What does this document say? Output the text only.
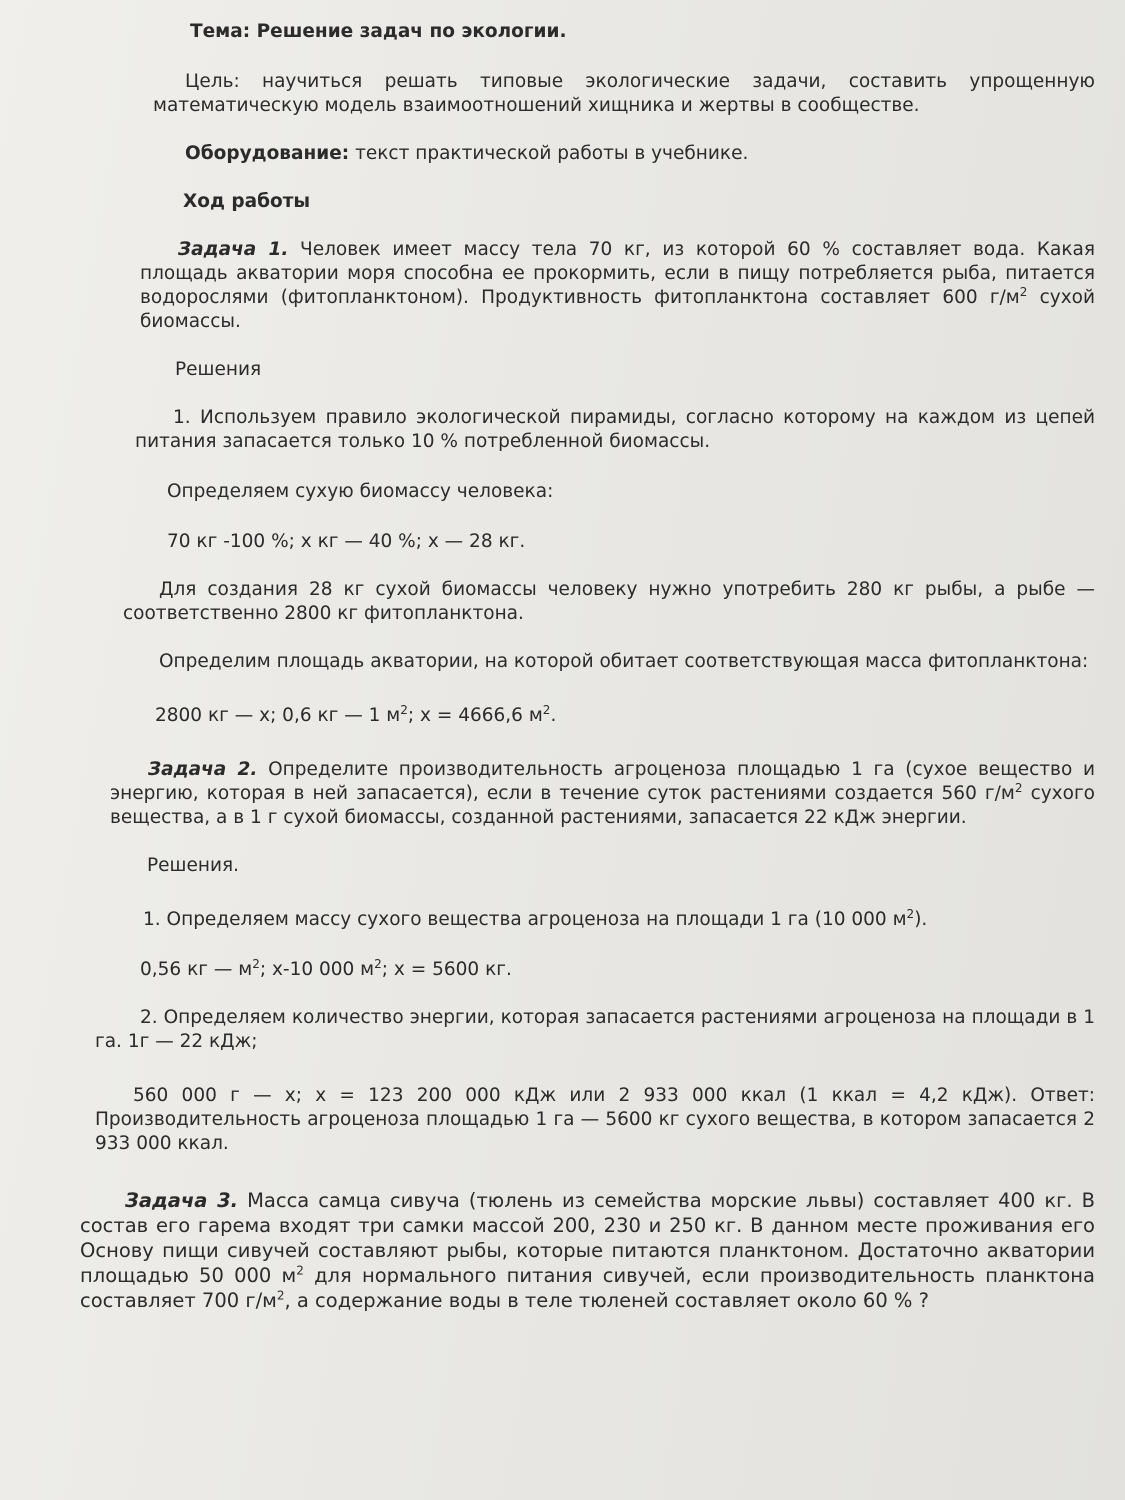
Тема: Решение задач по экологии.

Цель: научиться решать типовые экологические задачи, составить упрощенную математическую модель взаимоотношений хищника и жертвы в сообществе.

Оборудование: текст практической работы в учебнике.

Ход работы

Задача 1. Человек имеет массу тела 70 кг, из которой 60 % составляет вода. Какая площадь акватории моря способна ее прокормить, если в пищу потребляется рыба, питается водорослями (фитопланктоном). Продуктивность фитопланктона составляет 600 $г/м^2$ сухой биомассы.

Решения

1. Используем правило экологической пирамиды, согласно которому на каждом из цепей питания запасается только 10 % потребленной биомассы.

Определяем сухую биомассу человека:

70 кг -100 %; х кг — 40 %; х — 28 кг.

Для создания 28 кг сухой биомассы человеку нужно употребить 280 кг рыбы, а рыбе — соответственно 2800 кг фитопланктона.

Определим площадь акватории, на которой обитает соответствующая масса фитопланктона:

2800 кг — х; 0,6 кг — 1 $м^2$; х = 4666,6 $м^2$.

Задача 2. Определите производительность агроценоза площадью 1 га (сухое вещество и энергию, которая в ней запасается), если в течение суток растениями создается 560 $г/м^2$ сухого вещества, а в 1 г сухой биомассы, созданной растениями, запасается 22 кДж энергии.

Решения.

1. Определяем массу сухого вещества агроценоза на площади 1 га (10 000 $м^2$).

0,56 кг — $м^2$; х-10 000 $м^2$; х = 5600 кг.

2. Определяем количество энергии, которая запасается растениями агроценоза на площади в 1 га. 1г — 22 кДж;

560 000 г — х; х = 123 200 000 кДж или 2 933 000 ккал (1 ккал = 4,2 кДж). Ответ: Производительность агроценоза площадью 1 га — 5600 кг сухого вещества, в котором запасается 2 933 000 ккал.

Задача 3. Масса самца сивуча (тюлень из семейства морские львы) составляет 400 кг. В состав его гарема входят три самки массой 200, 230 и 250 кг. В данном месте проживания его Основу пищи сивучей составляют рыбы, которые питаются планктоном. Достаточно акватории площадью 50 000 $м^2$ для нормального питания сивучей, если производительность планктона составляет 700 $г/м^2$, а содержание воды в теле тюленей составляет около 60 % ?
